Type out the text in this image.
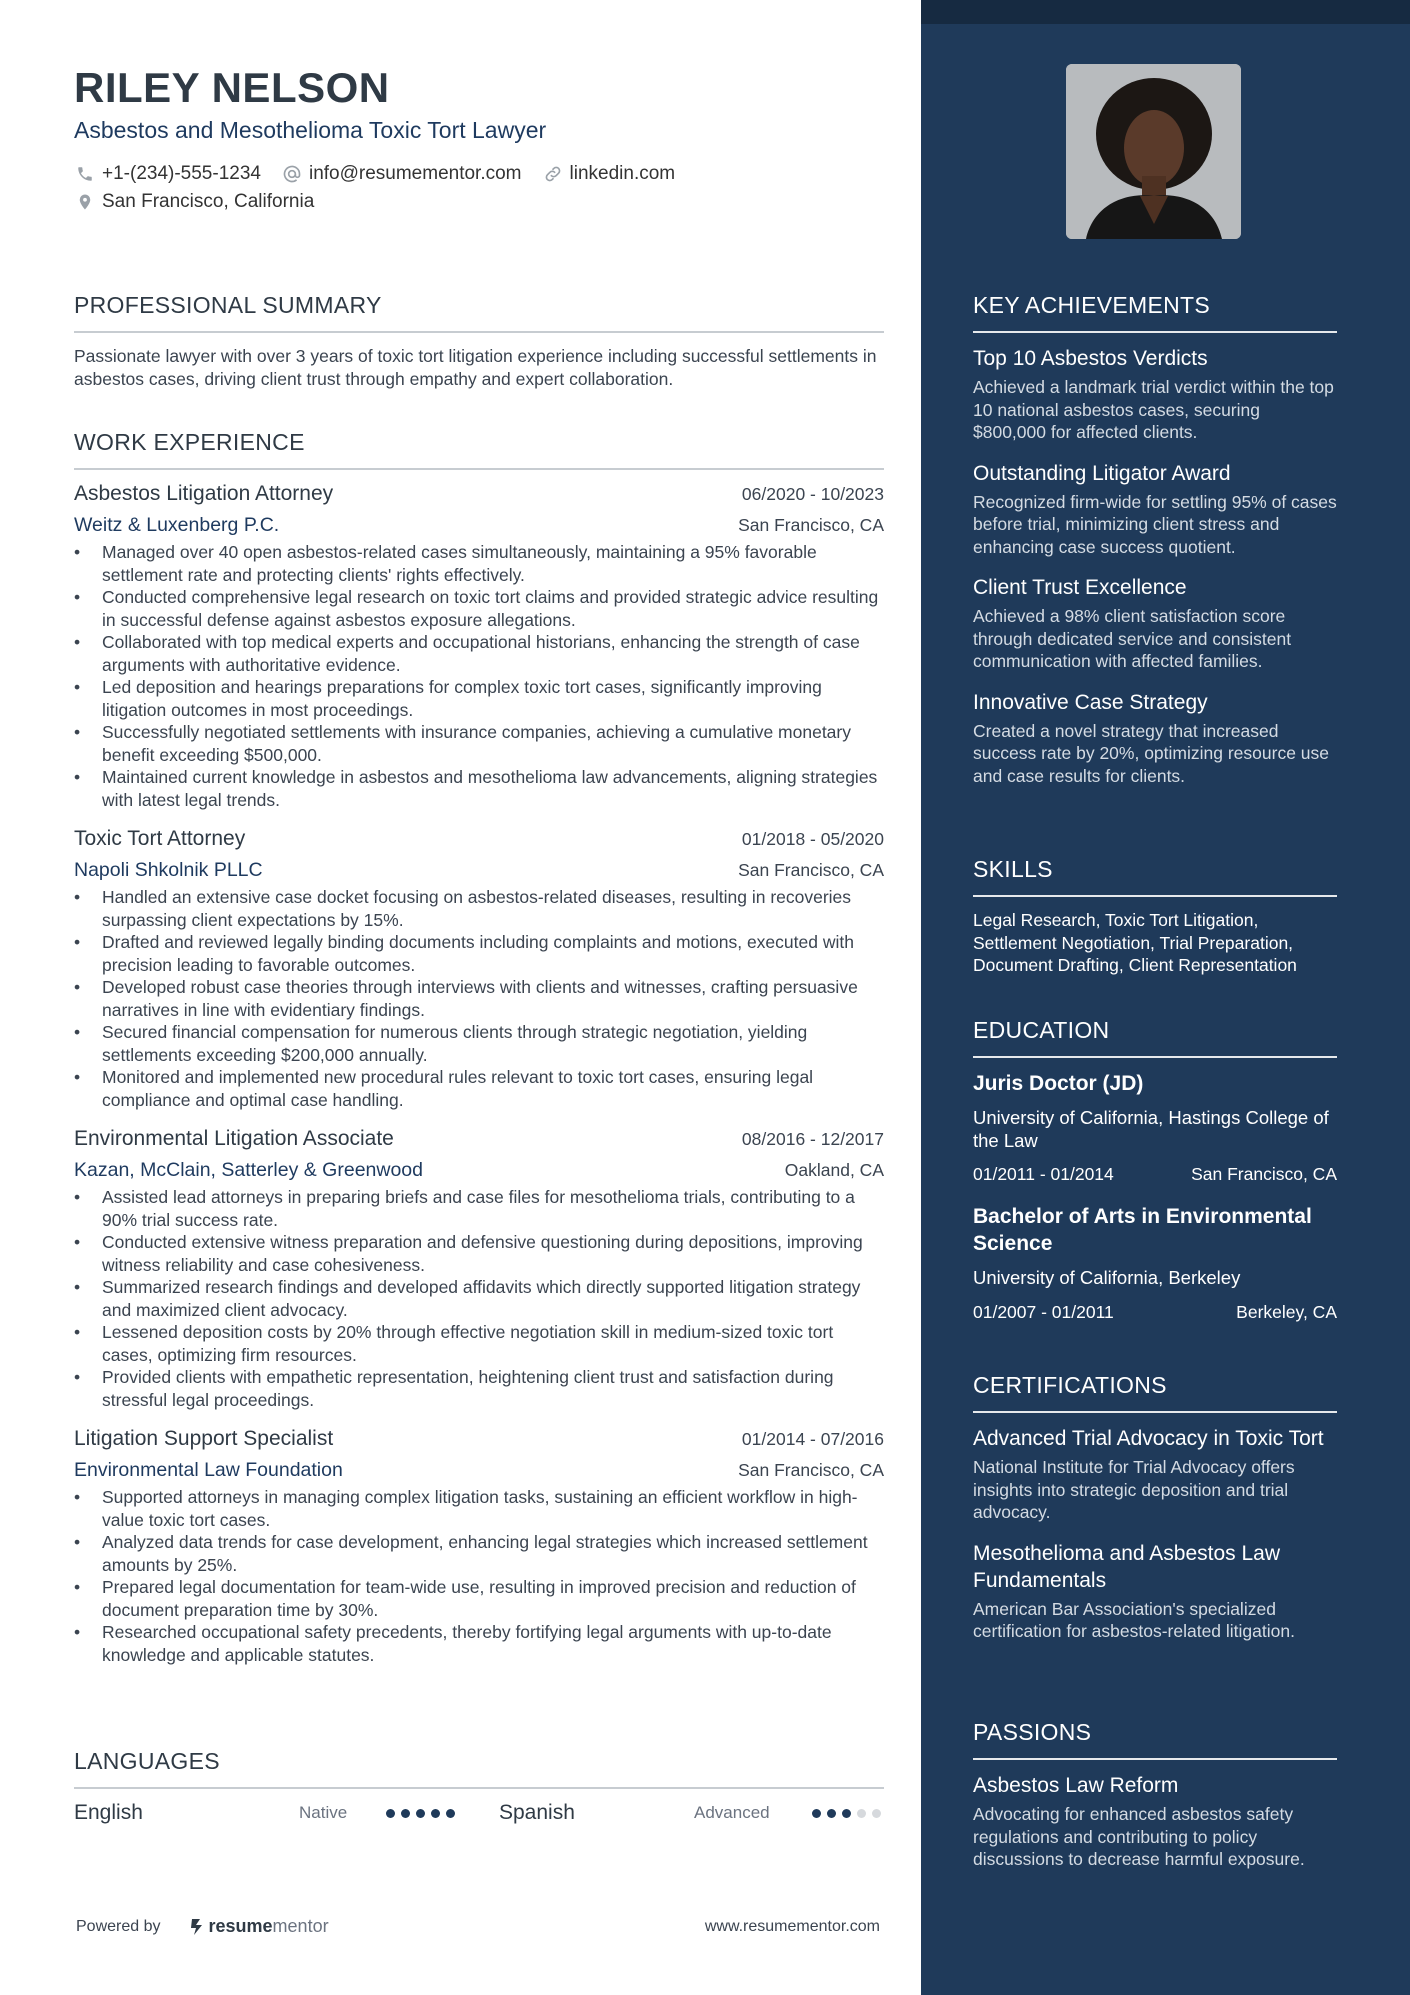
RILEY NELSON
Asbestos and Mesothelioma Toxic Tort Lawyer
+1-(234)-555-1234	info@resumementor.com	linkedin.com
San Francisco, California
PROFESSIONAL SUMMARY
Passionate lawyer with over 3 years of toxic tort litigation experience including successful settlements in asbestos cases, driving client trust through empathy and expert collaboration.
WORK EXPERIENCE
Asbestos Litigation Attorney	06/2020 - 10/2023
Weitz & Luxenberg P.C.	San Francisco, CA
• Managed over 40 open asbestos-related cases simultaneously, maintaining a 95% favorable settlement rate and protecting clients' rights effectively.
• Conducted comprehensive legal research on toxic tort claims and provided strategic advice resulting in successful defense against asbestos exposure allegations.
• Collaborated with top medical experts and occupational historians, enhancing the strength of case arguments with authoritative evidence.
• Led deposition and hearings preparations for complex toxic tort cases, significantly improving litigation outcomes in most proceedings.
• Successfully negotiated settlements with insurance companies, achieving a cumulative monetary benefit exceeding $500,000.
• Maintained current knowledge in asbestos and mesothelioma law advancements, aligning strategies with latest legal trends.
Toxic Tort Attorney	01/2018 - 05/2020
Napoli Shkolnik PLLC	San Francisco, CA
• Handled an extensive case docket focusing on asbestos-related diseases, resulting in recoveries surpassing client expectations by 15%.
• Drafted and reviewed legally binding documents including complaints and motions, executed with precision leading to favorable outcomes.
• Developed robust case theories through interviews with clients and witnesses, crafting persuasive narratives in line with evidentiary findings.
• Secured financial compensation for numerous clients through strategic negotiation, yielding settlements exceeding $200,000 annually.
• Monitored and implemented new procedural rules relevant to toxic tort cases, ensuring legal compliance and optimal case handling.
Environmental Litigation Associate	08/2016 - 12/2017
Kazan, McClain, Satterley & Greenwood	Oakland, CA
• Assisted lead attorneys in preparing briefs and case files for mesothelioma trials, contributing to a 90% trial success rate.
• Conducted extensive witness preparation and defensive questioning during depositions, improving witness reliability and case cohesiveness.
• Summarized research findings and developed affidavits which directly supported litigation strategy and maximized client advocacy.
• Lessened deposition costs by 20% through effective negotiation skill in medium-sized toxic tort cases, optimizing firm resources.
• Provided clients with empathetic representation, heightening client trust and satisfaction during stressful legal proceedings.
Litigation Support Specialist	01/2014 - 07/2016
Environmental Law Foundation	San Francisco, CA
• Supported attorneys in managing complex litigation tasks, sustaining an efficient workflow in high-value toxic tort cases.
• Analyzed data trends for case development, enhancing legal strategies which increased settlement amounts by 25%.
• Prepared legal documentation for team-wide use, resulting in improved precision and reduction of document preparation time by 30%.
• Researched occupational safety precedents, thereby fortifying legal arguments with up-to-date knowledge and applicable statutes.
LANGUAGES
English	Native	Spanish	Advanced
Powered by	resume mentor	www.resumementor.com
KEY ACHIEVEMENTS
Top 10 Asbestos Verdicts
Achieved a landmark trial verdict within the top 10 national asbestos cases, securing $800,000 for affected clients.
Outstanding Litigator Award
Recognized firm-wide for settling 95% of cases before trial, minimizing client stress and enhancing case success quotient.
Client Trust Excellence
Achieved a 98% client satisfaction score through dedicated service and consistent communication with affected families.
Innovative Case Strategy
Created a novel strategy that increased success rate by 20%, optimizing resource use and case results for clients.
SKILLS
Legal Research, Toxic Tort Litigation, Settlement Negotiation, Trial Preparation, Document Drafting, Client Representation
EDUCATION
Juris Doctor (JD)
University of California, Hastings College of the Law
01/2011 - 01/2014	San Francisco, CA
Bachelor of Arts in Environmental Science
University of California, Berkeley
01/2007 - 01/2011	Berkeley, CA
CERTIFICATIONS
Advanced Trial Advocacy in Toxic Tort
National Institute for Trial Advocacy offers insights into strategic deposition and trial advocacy.
Mesothelioma and Asbestos Law Fundamentals
American Bar Association's specialized certification for asbestos-related litigation.
PASSIONS
Asbestos Law Reform
Advocating for enhanced asbestos safety regulations and contributing to policy discussions to decrease harmful exposure.
